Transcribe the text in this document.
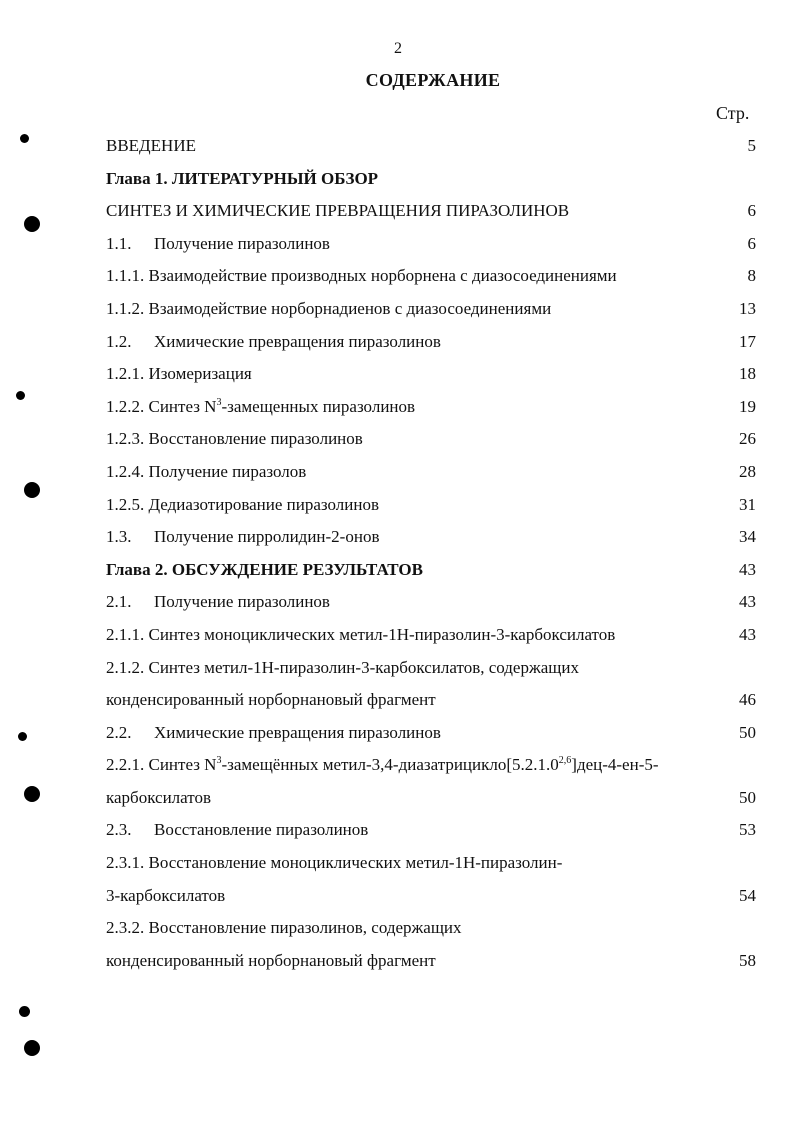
2
СОДЕРЖАНИЕ
Стр.
ВВЕДЕНИЕ	5
Глава 1. ЛИТЕРАТУРНЫЙ ОБЗОР
СИНТЕЗ И ХИМИЧЕСКИЕ ПРЕВРАЩЕНИЯ ПИРАЗОЛИНОВ	6
1.1. Получение пиразолинов	6
1.1.1. Взаимодействие производных норборнена с диазосоединениями	8
1.1.2. Взаимодействие норборнадиенов с диазосоединениями	13
1.2. Химические превращения пиразолинов	17
1.2.1. Изомеризация	18
1.2.2. Синтез $N^3$-замещенных пиразолинов	19
1.2.3. Восстановление пиразолинов	26
1.2.4. Получение пиразолов	28
1.2.5. Дедиазотирование пиразолинов	31
1.3. Получение пирролидин-2-онов	34
Глава 2. ОБСУЖДЕНИЕ РЕЗУЛЬТАТОВ	43
2.1. Получение пиразолинов	43
2.1.1. Синтез моноциклических метил-1Н-пиразолин-3-карбоксилатов	43
2.1.2. Синтез метил-1Н-пиразолин-3-карбоксилатов, содержащих
конденсированный норборнановый фрагмент	46
2.2. Химические превращения пиразолинов	50
2.2.1. Синтез $N^3$-замещённых метил-3,4-диазатрицикло[5.2.1.0$^{2,6}$]дец-4-ен-5-
карбоксилатов	50
2.3. Восстановление пиразолинов	53
2.3.1. Восстановление моноциклических метил-1Н-пиразолин-
3-карбоксилатов	54
2.3.2. Восстановление пиразолинов, содержащих
конденсированный норборнановый фрагмент	58
